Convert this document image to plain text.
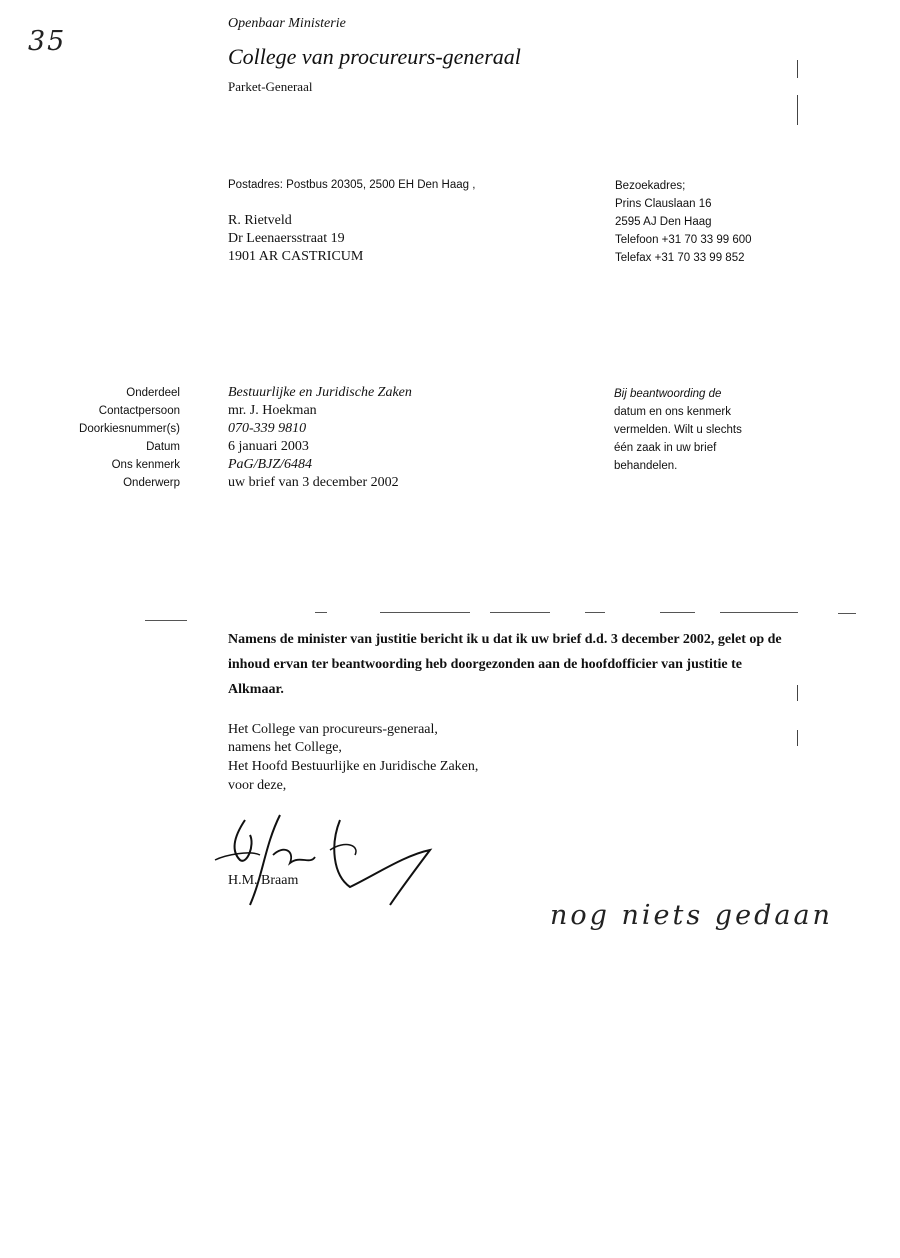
35
Openbaar Ministerie
College van procureurs-generaal
Parket-Generaal
Postadres: Postbus 20305, 2500 EH Den Haag ,
R. Rietveld
Dr Leenaersstraat 19
1901 AR CASTRICUM
Bezoekadres;
Prins Clauslaan 16
2595 AJ Den Haag
Telefoon +31 70 33 99 600
Telefax +31 70 33 99 852
Onderdeel
Contactpersoon
Doorkiesnummer(s)
Datum
Ons kenmerk
Onderwerp
Bestuurlijke en Juridische Zaken
mr. J. Hoekman
070-339 9810
6 januari 2003
PaG/BJZ/6484
uw brief van 3 december 2002
Bij beantwoording de
datum en ons kenmerk
vermelden. Wilt u slechts
één zaak in uw brief
behandelen.
Namens de minister van justitie bericht ik u dat ik uw brief d.d. 3 december 2002, gelet op de
inhoud ervan ter beantwoording heb doorgezonden aan de hoofdofficier van justitie te
Alkmaar.
Het College van procureurs-generaal,
namens het College,
Het Hoofd Bestuurlijke en Juridische Zaken,
voor deze,
H.M. Braam
nog niets gedaan
